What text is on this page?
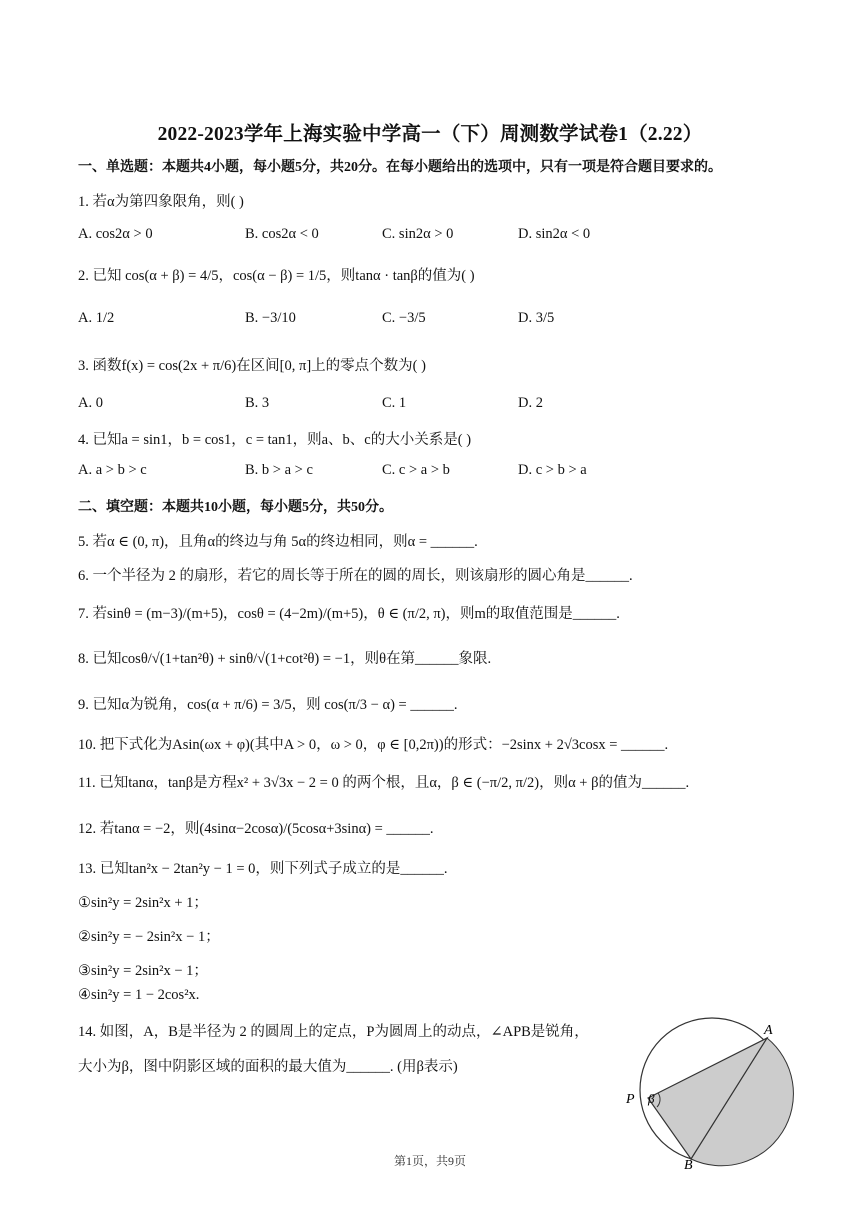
2022-2023学年上海实验中学高一（下）周测数学试卷1（2.22）
一、单选题：本题共4小题，每小题5分，共20分。在每小题给出的选项中，只有一项是符合题目要求的。
1. 若α为第四象限角，则( )
A. cos2α > 0	B. cos2α < 0	C. sin2α > 0	D. sin2α < 0
2. 已知 cos(α + β) = 4/5，cos(α − β) = 1/5，则tanα · tanβ的值为( )
A. 1/2	B. −3/10	C. −3/5	D. 3/5
3. 函数f(x) = cos(2x + π/6)在区间[0, π]上的零点个数为( )
A. 0	B. 3	C. 1	D. 2
4. 已知a = sin1，b = cos1，c = tan1，则a、b、c的大小关系是( )
A. a > b > c	B. b > a > c	C. c > a > b	D. c > b > a
二、填空题：本题共10小题，每小题5分，共50分。
5. 若α ∈ (0, π)，且角α的终边与角 5α的终边相同，则α = ______.
6. 一个半径为 2 的扇形，若它的周长等于所在的圆的周长，则该扇形的圆心角是______.
7. 若sinθ = (m−3)/(m+5)，cosθ = (4−2m)/(m+5)，θ ∈ (π/2, π)，则m的取值范围是______.
8. 已知cosθ/√(1+tan²θ) + sinθ/√(1+cot²θ) = −1，则θ在第______象限.
9. 已知α为锐角，cos(α + π/6) = 3/5，则 cos(π/3 − α) = ______.
10. 把下式化为Asin(ωx + φ)(其中A > 0，ω > 0，φ ∈ [0,2π))的形式：−2sinx + 2√3cosx = ______.
11. 已知tanα，tanβ是方程x² + 3√3x − 2 = 0 的两个根，且α，β ∈ (−π/2, π/2)，则α + β的值为______.
12. 若tanα = −2，则(4sinα−2cosα)/(5cosα+3sinα) = ______.
13. 已知tan²x − 2tan²y − 1 = 0，则下列式子成立的是______.
①sin²y = 2sin²x + 1；
②sin²y = − 2sin²x − 1；
③sin²y = 2sin²x − 1；
④sin²y = 1 − 2cos²x.
14. 如图，A，B是半径为 2 的圆周上的定点，P为圆周上的动点，∠APB是锐角，
大小为β，图中阴影区域的面积的最大值为______. (用β表示)
A
B
P β
第1页，共9页
